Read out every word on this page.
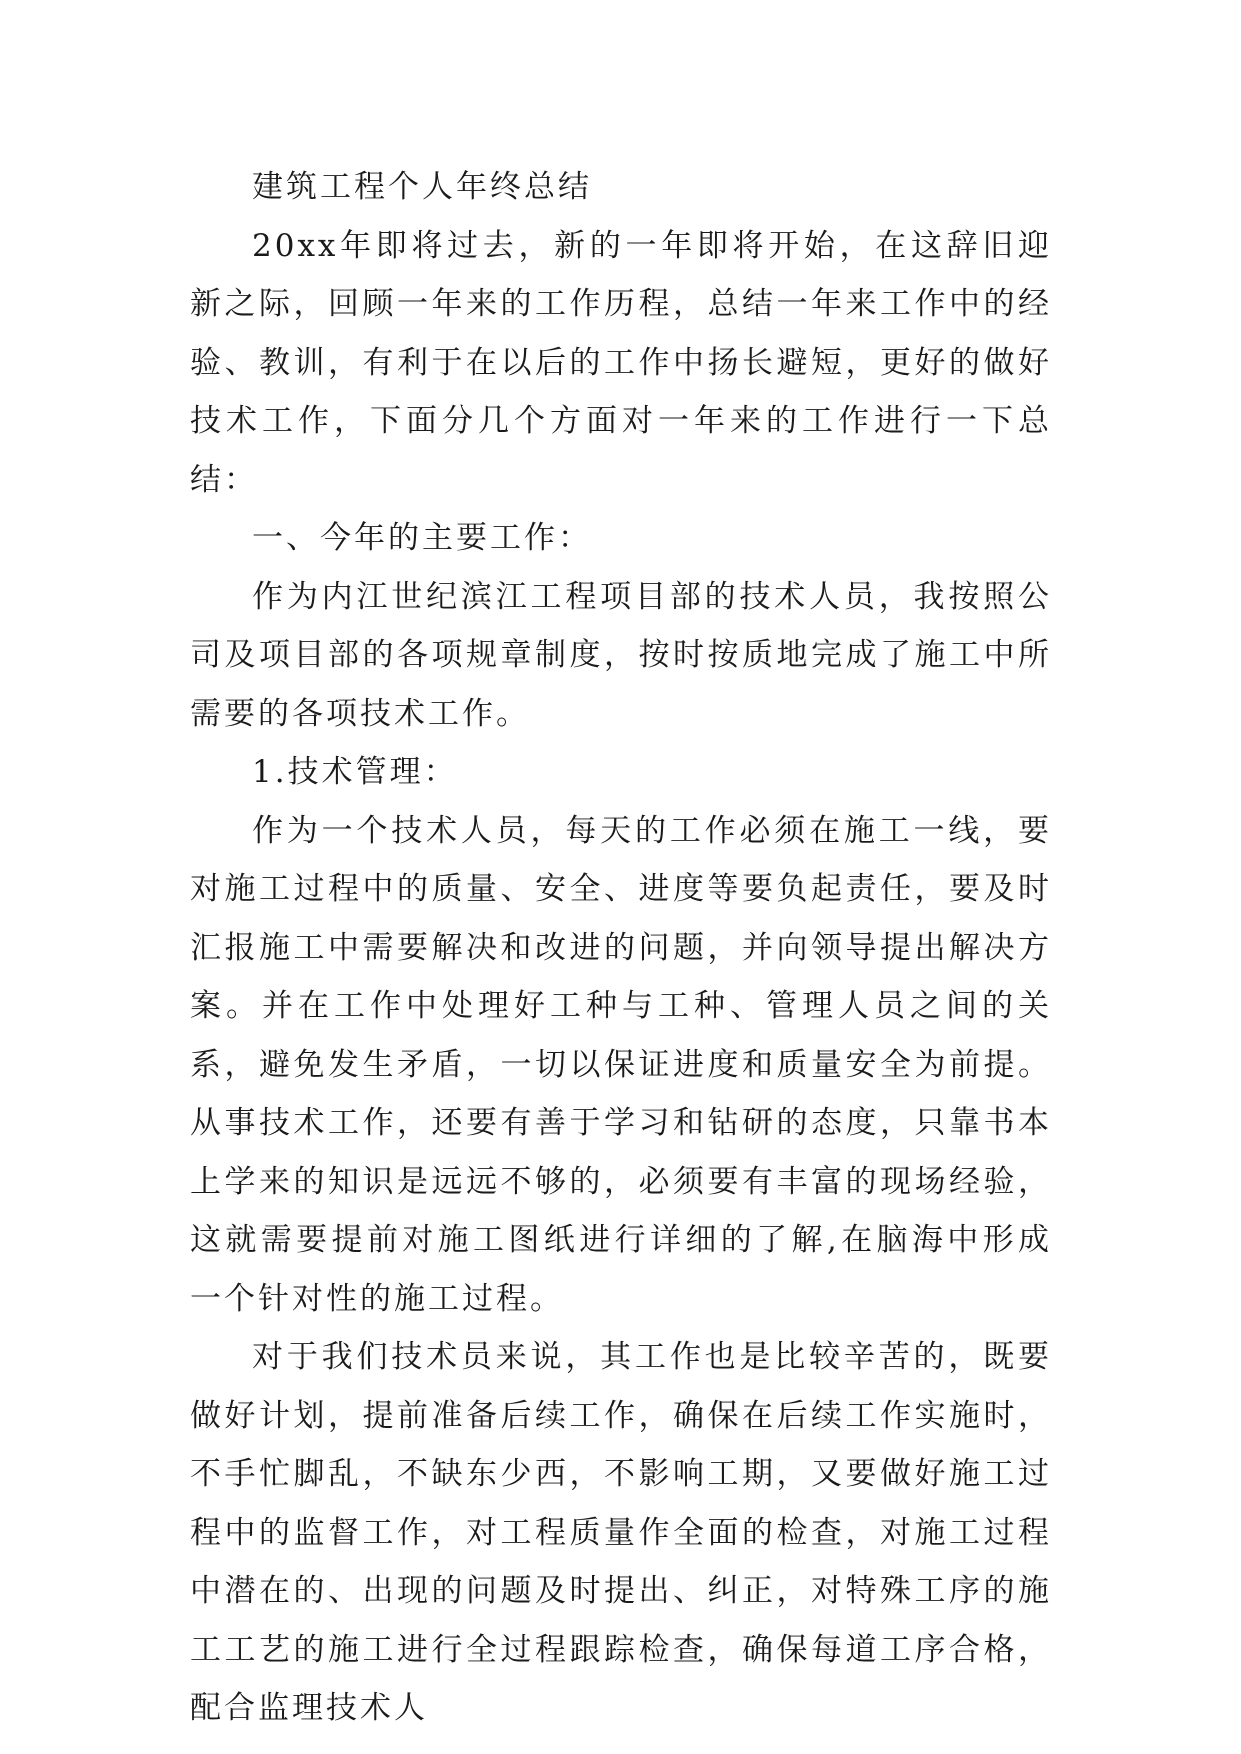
建筑工程个人年终总结

20xx年即将过去，新的一年即将开始，在这辞旧迎新之际，回顾一年来的工作历程，总结一年来工作中的经验、教训，有利于在以后的工作中扬长避短，更好的做好技术工作，下面分几个方面对一年来的工作进行一下总结：

一、今年的主要工作：

作为内江世纪滨江工程项目部的技术人员，我按照公司及项目部的各项规章制度，按时按质地完成了施工中所需要的各项技术工作。

1.技术管理：

作为一个技术人员，每天的工作必须在施工一线，要对施工过程中的质量、安全、进度等要负起责任，要及时汇报施工中需要解决和改进的问题，并向领导提出解决方案。并在工作中处理好工种与工种、管理人员之间的关系，避免发生矛盾，一切以保证进度和质量安全为前提。从事技术工作，还要有善于学习和钻研的态度，只靠书本上学来的知识是远远不够的，必须要有丰富的现场经验，这就需要提前对施工图纸进行详细的了解,在脑海中形成一个针对性的施工过程。

对于我们技术员来说，其工作也是比较辛苦的，既要做好计划，提前准备后续工作，确保在后续工作实施时，不手忙脚乱，不缺东少西，不影响工期，又要做好施工过程中的监督工作，对工程质量作全面的检查，对施工过程中潜在的、出现的问题及时提出、纠正，对特殊工序的施工工艺的施工进行全过程跟踪检查，确保每道工序合格，配合监理技术人
